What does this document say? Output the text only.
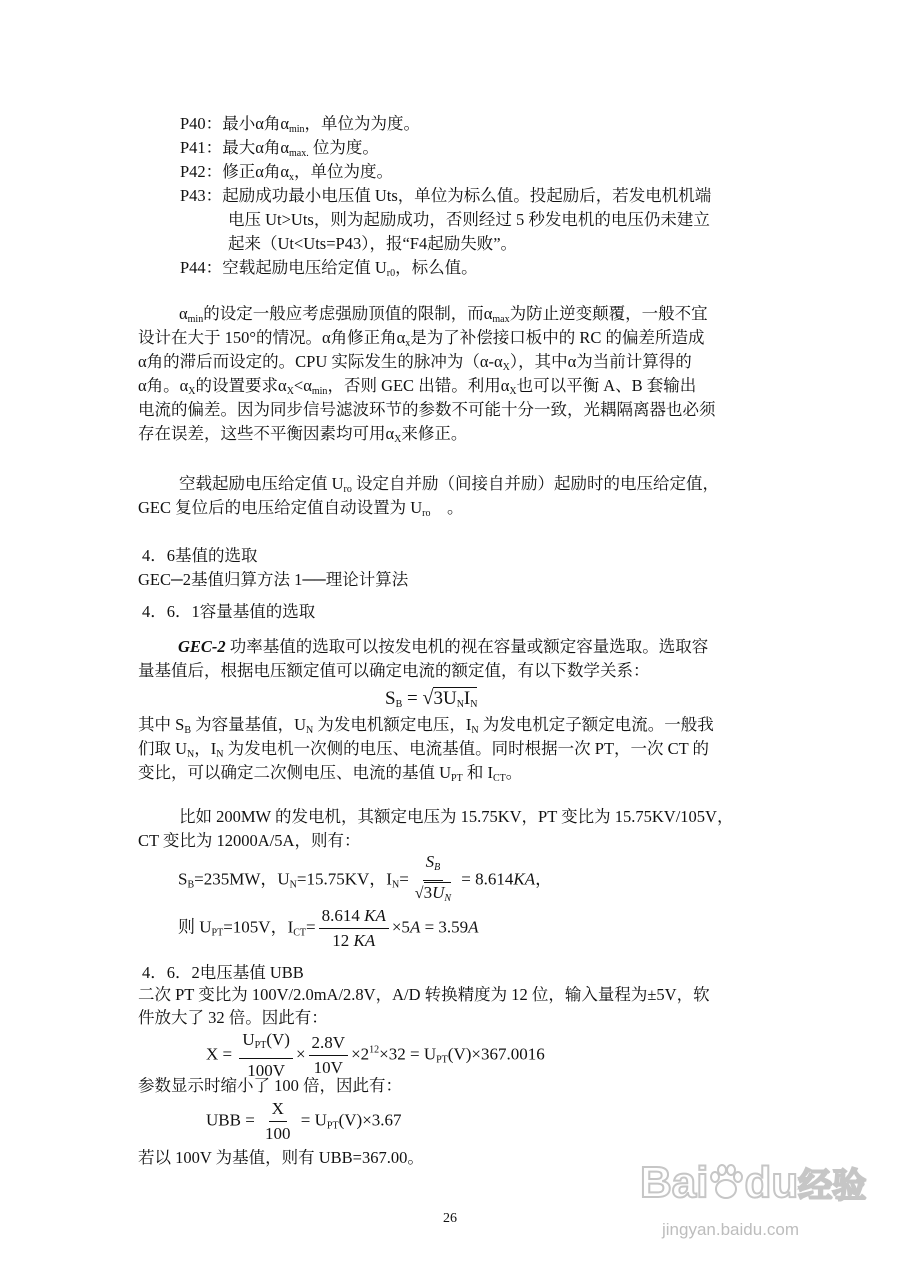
P40：最小α角$\alpha_{min}$，单位为为度。
P41：最大α角$\alpha_{max.}$ 位为度。
P42：修正α角$\alpha_x$，单位为度。
P43：起励成功最小电压值 Uts，单位为标么值。投起励后，若发电机机端
电压 Ut>Uts，则为起励成功，否则经过 5 秒发电机的电压仍未建立
起来（Ut<Uts=P43），报“F4起励失败”。
P44：空载起励电压给定值 $U_{r0}$，标么值。
$\alpha_{min}$的设定一般应考虑强励顶值的限制，而$\alpha_{max}$为防止逆变颠覆，一般不宜
设计在大于 150°的情况。α角修正角$\alpha_x$是为了补偿接口板中的 RC 的偏差所造成
α角的滞后而设定的。CPU 实际发生的脉冲为$(\alpha-\alpha_X)$，其中α为当前计算得的
α角。$\alpha_X$的设置要求$\alpha_X<\alpha_{min}$，否则 GEC 出错。利用$\alpha_X$也可以平衡 A、B 套输出
电流的偏差。因为同步信号滤波环节的参数不可能十分一致，光耦隔离器也必须
存在误差，这些不平衡因素均可用$\alpha_X$来修正。
空载起励电压给定值 $U_{ro}$ 设定自并励（间接自并励）起励时的电压给定值，
GEC 复位后的电压给定值自动设置为 $U_{ro}$　。
4．6基值的选取
GEC─2基值归算方法 1──理论计算法
4．6．1容量基值的选取
GEC-2 功率基值的选取可以按发电机的视在容量或额定容量选取。选取容
量基值后，根据电压额定值可以确定电流的额定值，有以下数学关系：
$S_B = √3U_NI_N$
其中 $S_B$ 为容量基值，$U_N$ 为发电机额定电压，$I_N$ 为发电机定子额定电流。一般我
们取 $U_N$，$I_N$ 为发电机一次侧的电压、电流基值。同时根据一次 PT，一次 CT 的
变比，可以确定二次侧电压、电流的基值 $U_{PT}$ 和 $I_{CT}$。
比如 200MW 的发电机，其额定电压为 15.75KV，PT 变比为 15.75KV/105V，
CT 变比为 12000A/5A，则有：
$S_B=235MW$，$U_N=15.75KV$，$I_N= \frac{S_B}{√3U_N} = 8.614KA$，
则 $U_{PT}=105V$，$I_{CT}= \frac{8.614 KA}{12 KA} \times 5A = 3.59A$
4．6．2电压基值 UBB
二次 PT 变比为 100V/2.0mA/2.8V，A/D 转换精度为 12 位，输入量程为±5V，软
件放大了 32 倍。因此有：
$X = \frac{U_{PT}(V)}{100V} \times \frac{2.8V}{10V} \times 2^{12}\times 32 = U_{PT}(V)\times 367.0016$
参数显示时缩小了 100 倍，因此有：
UBB = $\frac{X}{100} = U_{PT}(V)\times 3.67$
若以 100V 为基值，则有 UBB=367.00。
26
Bai du经验
jingyan.baidu.com
